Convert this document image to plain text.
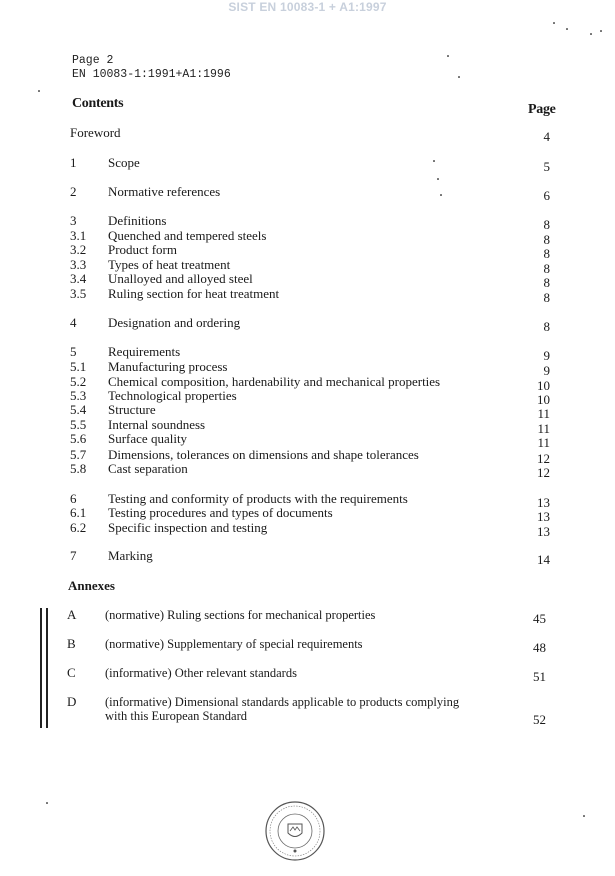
SIST EN 10083-1 + A1:1997
Page 2
EN 10083-1:1991+A1:1996
Contents	Page
Foreword	4
1 Scope	5
2 Normative references	6
3 Definitions	8
3.1 Quenched and tempered steels	8
3.2 Product form	8
3.3 Types of heat treatment	8
3.4 Unalloyed and alloyed steel	8
3.5 Ruling section for heat treatment	8
4 Designation and ordering	8
5 Requirements	9
5.1 Manufacturing process	9
5.2 Chemical composition, hardenability and mechanical properties	10
5.3 Technological properties	10
5.4 Structure	11
5.5 Internal soundness	11
5.6 Surface quality	11
5.7 Dimensions, tolerances on dimensions and shape tolerances	12
5.8 Cast separation	12
6 Testing and conformity of products with the requirements	13
6.1 Testing procedures and types of documents	13
6.2 Specific inspection and testing	13
7 Marking	14
Annexes
A (normative) Ruling sections for mechanical properties	45
B (normative) Supplementary of special requirements	48
C (informative) Other relevant standards	51
D (informative) Dimensional standards applicable to products complying
with this European Standard	52
